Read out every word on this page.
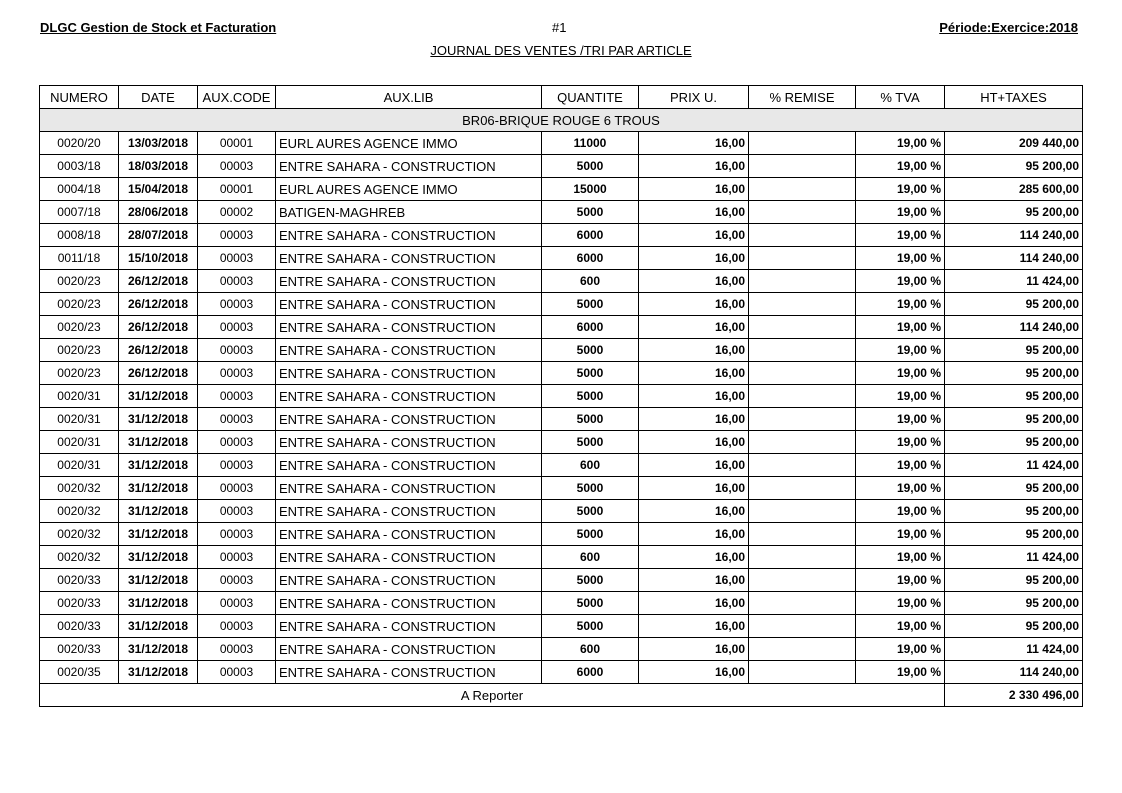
DLGC Gestion de Stock et Facturation	#1	Période:Exercice:2018
JOURNAL DES VENTES /TRI PAR ARTICLE
NUMERO	DATE	AUX.CODE	AUX.LIB	QUANTITE	PRIX U.	% REMISE	% TVA	HT+TAXES
BR06-BRIQUE ROUGE 6 TROUS								
0020/20	13/03/2018	00001	EURL AURES AGENCE IMMO	11000	16,00		19,00 %	209 440,00
0003/18	18/03/2018	00003	ENTRE SAHARA - CONSTRUCTION	5000	16,00		19,00 %	95 200,00
0004/18	15/04/2018	00001	EURL AURES AGENCE IMMO	15000	16,00		19,00 %	285 600,00
0007/18	28/06/2018	00002	BATIGEN-MAGHREB	5000	16,00		19,00 %	95 200,00
0008/18	28/07/2018	00003	ENTRE SAHARA - CONSTRUCTION	6000	16,00		19,00 %	114 240,00
0011/18	15/10/2018	00003	ENTRE SAHARA - CONSTRUCTION	6000	16,00		19,00 %	114 240,00
0020/23	26/12/2018	00003	ENTRE SAHARA - CONSTRUCTION	600	16,00		19,00 %	11 424,00
0020/23	26/12/2018	00003	ENTRE SAHARA - CONSTRUCTION	5000	16,00		19,00 %	95 200,00
0020/23	26/12/2018	00003	ENTRE SAHARA - CONSTRUCTION	6000	16,00		19,00 %	114 240,00
0020/23	26/12/2018	00003	ENTRE SAHARA - CONSTRUCTION	5000	16,00		19,00 %	95 200,00
0020/23	26/12/2018	00003	ENTRE SAHARA - CONSTRUCTION	5000	16,00		19,00 %	95 200,00
0020/31	31/12/2018	00003	ENTRE SAHARA - CONSTRUCTION	5000	16,00		19,00 %	95 200,00
0020/31	31/12/2018	00003	ENTRE SAHARA - CONSTRUCTION	5000	16,00		19,00 %	95 200,00
0020/31	31/12/2018	00003	ENTRE SAHARA - CONSTRUCTION	5000	16,00		19,00 %	95 200,00
0020/31	31/12/2018	00003	ENTRE SAHARA - CONSTRUCTION	600	16,00		19,00 %	11 424,00
0020/32	31/12/2018	00003	ENTRE SAHARA - CONSTRUCTION	5000	16,00		19,00 %	95 200,00
0020/32	31/12/2018	00003	ENTRE SAHARA - CONSTRUCTION	5000	16,00		19,00 %	95 200,00
0020/32	31/12/2018	00003	ENTRE SAHARA - CONSTRUCTION	5000	16,00		19,00 %	95 200,00
0020/32	31/12/2018	00003	ENTRE SAHARA - CONSTRUCTION	600	16,00		19,00 %	11 424,00
0020/33	31/12/2018	00003	ENTRE SAHARA - CONSTRUCTION	5000	16,00		19,00 %	95 200,00
0020/33	31/12/2018	00003	ENTRE SAHARA - CONSTRUCTION	5000	16,00		19,00 %	95 200,00
0020/33	31/12/2018	00003	ENTRE SAHARA - CONSTRUCTION	5000	16,00		19,00 %	95 200,00
0020/33	31/12/2018	00003	ENTRE SAHARA - CONSTRUCTION	600	16,00		19,00 %	11 424,00
0020/35	31/12/2018	00003	ENTRE SAHARA - CONSTRUCTION	6000	16,00		19,00 %	114 240,00
A Reporter								2 330 496,00
